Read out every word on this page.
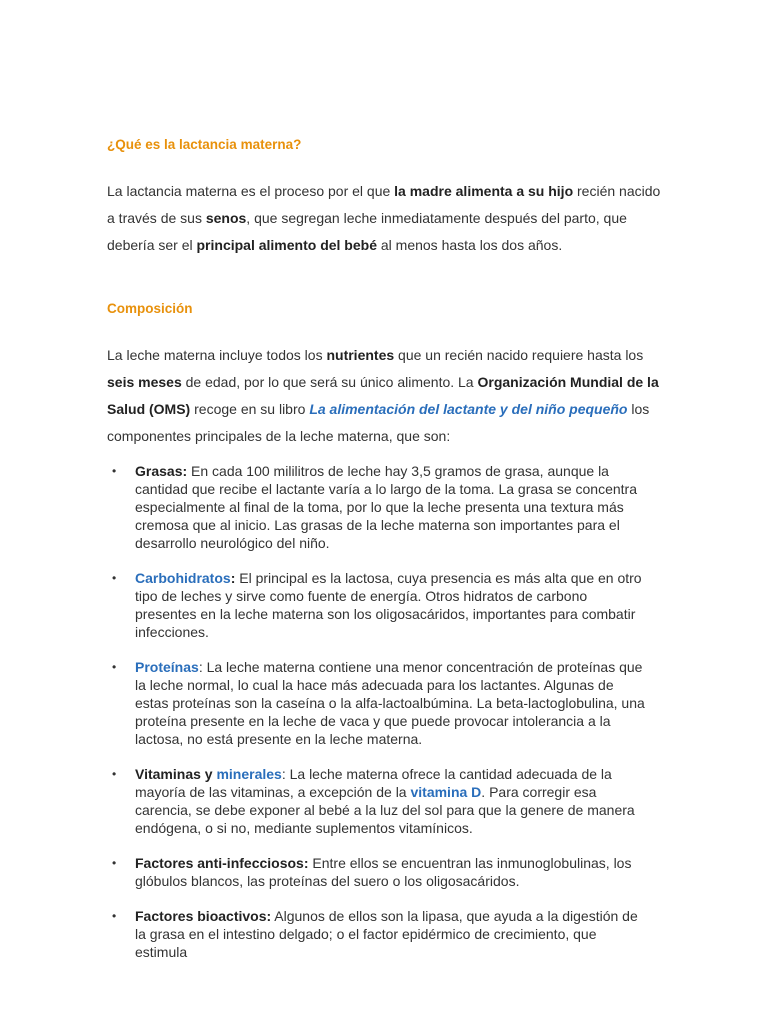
¿Qué es la lactancia materna?

La lactancia materna es el proceso por el que la madre alimenta a su hijo recién nacido a través de sus senos, que segregan leche inmediatamente después del parto, que debería ser el principal alimento del bebé al menos hasta los dos años.

Composición

La leche materna incluye todos los nutrientes que un recién nacido requiere hasta los seis meses de edad, por lo que será su único alimento. La Organización Mundial de la Salud (OMS) recoge en su libro La alimentación del lactante y del niño pequeño los componentes principales de la leche materna, que son:

• Grasas: En cada 100 mililitros de leche hay 3,5 gramos de grasa, aunque la cantidad que recibe el lactante varía a lo largo de la toma. La grasa se concentra especialmente al final de la toma, por lo que la leche presenta una textura más cremosa que al inicio. Las grasas de la leche materna son importantes para el desarrollo neurológico del niño.
• Carbohidratos: El principal es la lactosa, cuya presencia es más alta que en otro tipo de leches y sirve como fuente de energía. Otros hidratos de carbono presentes en la leche materna son los oligosacáridos, importantes para combatir infecciones.
• Proteínas: La leche materna contiene una menor concentración de proteínas que la leche normal, lo cual la hace más adecuada para los lactantes. Algunas de estas proteínas son la caseína o la alfa-lactoalbúmina. La beta-lactoglobulina, una proteína presente en la leche de vaca y que puede provocar intolerancia a la lactosa, no está presente en la leche materna.
• Vitaminas y minerales: La leche materna ofrece la cantidad adecuada de la mayoría de las vitaminas, a excepción de la vitamina D. Para corregir esa carencia, se debe exponer al bebé a la luz del sol para que la genere de manera endógena, o si no, mediante suplementos vitamínicos.
• Factores anti-infecciosos: Entre ellos se encuentran las inmunoglobulinas, los glóbulos blancos, las proteínas del suero o los oligosacáridos.
• Factores bioactivos: Algunos de ellos son la lipasa, que ayuda a la digestión de la grasa en el intestino delgado; o el factor epidérmico de crecimiento, que estimula
